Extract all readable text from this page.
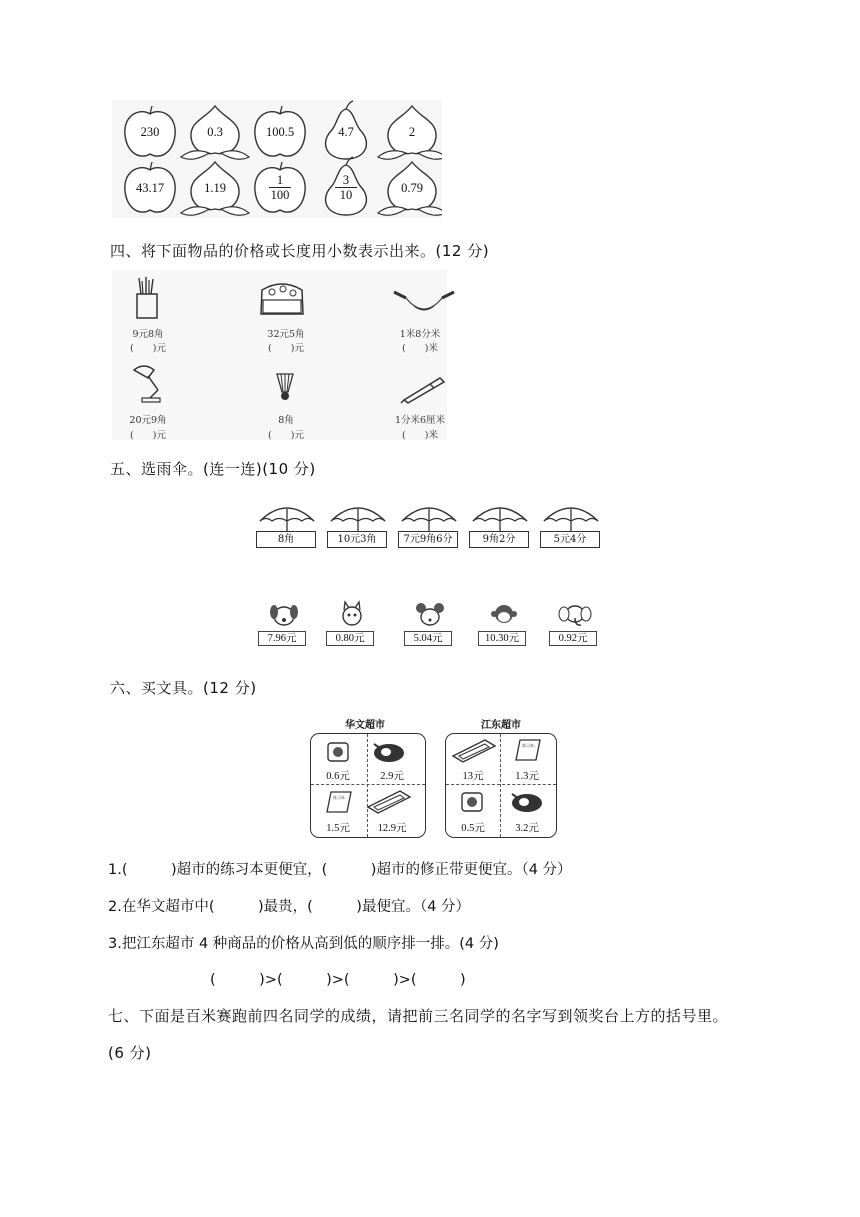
230	0.3	100.5	4.7	2
43.17	1.19
1
100
3
10	0.79
四、将下面物品的价格或长度用小数表示出来。(12 分)
9元8角
(　　)元
32元5角
(　　)元
1米8分米
(　　)米
20元9角
(　　)元
8角
(　　)元
1分米6厘米
(　　)米
五、选雨伞。(连一连)(10 分)
8角	10元3角	7元9角6分	9角2分	5元4分
7.96元	0.80元	5.04元	10.30元	0.92元
六、买文具。(12 分)
华文超市	江东超市
练习本
0.6元	2.9元
1.5元	12.9元
练习本
13元	1.3元
0.5元	3.2元
1.(　　　)超市的练习本更便宜，(　　　)超市的修正带更便宜。（4 分）
2.在华文超市中(　　　)最贵，(　　　)最便宜。（4 分）
3.把江东超市 4 种商品的价格从高到低的顺序排一排。(4 分)
(　　　)>(　　　)>(　　　)>(　　　)
七、下面是百米赛跑前四名同学的成绩，请把前三名同学的名字写到领奖台上方的括号里。
(6 分)
